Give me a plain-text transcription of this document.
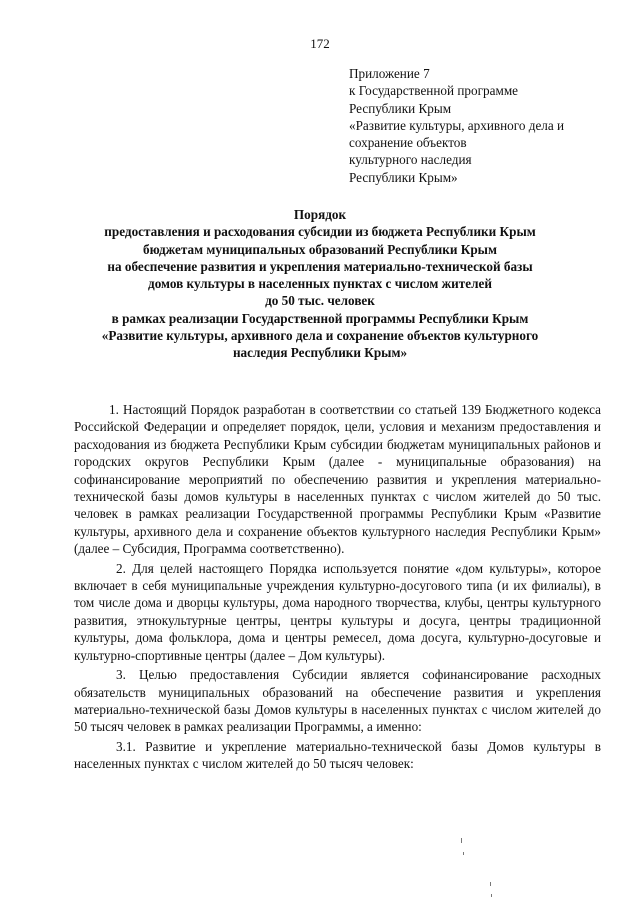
172
Приложение 7
к Государственной программе
Республики Крым
«Развитие культуры, архивного дела и
сохранение объектов
культурного наследия
Республики Крым»
Порядок
предоставления и расходования субсидии из бюджета Республики Крым
бюджетам муниципальных образований Республики Крым
на обеспечение развития и укрепления материально-технической базы
домов культуры в населенных пунктах с числом жителей
до 50 тыс. человек
в рамках реализации Государственной программы Республики Крым
«Развитие культуры, архивного дела и сохранение объектов культурного
наследия Республики Крым»

1. Настоящий Порядок разработан в соответствии со статьей 139 Бюджетного кодекса Российской Федерации и определяет порядок, цели, условия и механизм предоставления и расходования из бюджета Республики Крым субсидии бюджетам муниципальных районов и городских округов Республики Крым (далее - муниципальные образования) на софинансирование мероприятий по обеспечению развития и укрепления материально-технической базы домов культуры в населенных пунктах с числом жителей до 50 тыс. человек в рамках реализации Государственной программы Республики Крым «Развитие культуры, архивного дела и сохранение объектов культурного наследия Республики Крым» (далее – Субсидия, Программа соответственно).

2. Для целей настоящего Порядка используется понятие «дом культуры», которое включает в себя муниципальные учреждения культурно-досугового типа (и их филиалы), в том числе дома и дворцы культуры, дома народного творчества, клубы, центры культурного развития, этнокультурные центры, центры культуры и досуга, центры традиционной культуры, дома фольклора, дома и центры ремесел, дома досуга, культурно-досуговые и культурно-спортивные центры (далее – Дом культуры).

3. Целью предоставления Субсидии является софинансирование расходных обязательств муниципальных образований на обеспечение развития и укрепления материально-технической базы Домов культуры в населенных пунктах с числом жителей до 50 тысяч человек в рамках реализации Программы, а именно:

3.1. Развитие и укрепление материально-технической базы Домов культуры в населенных пунктах с числом жителей до 50 тысяч человек:
